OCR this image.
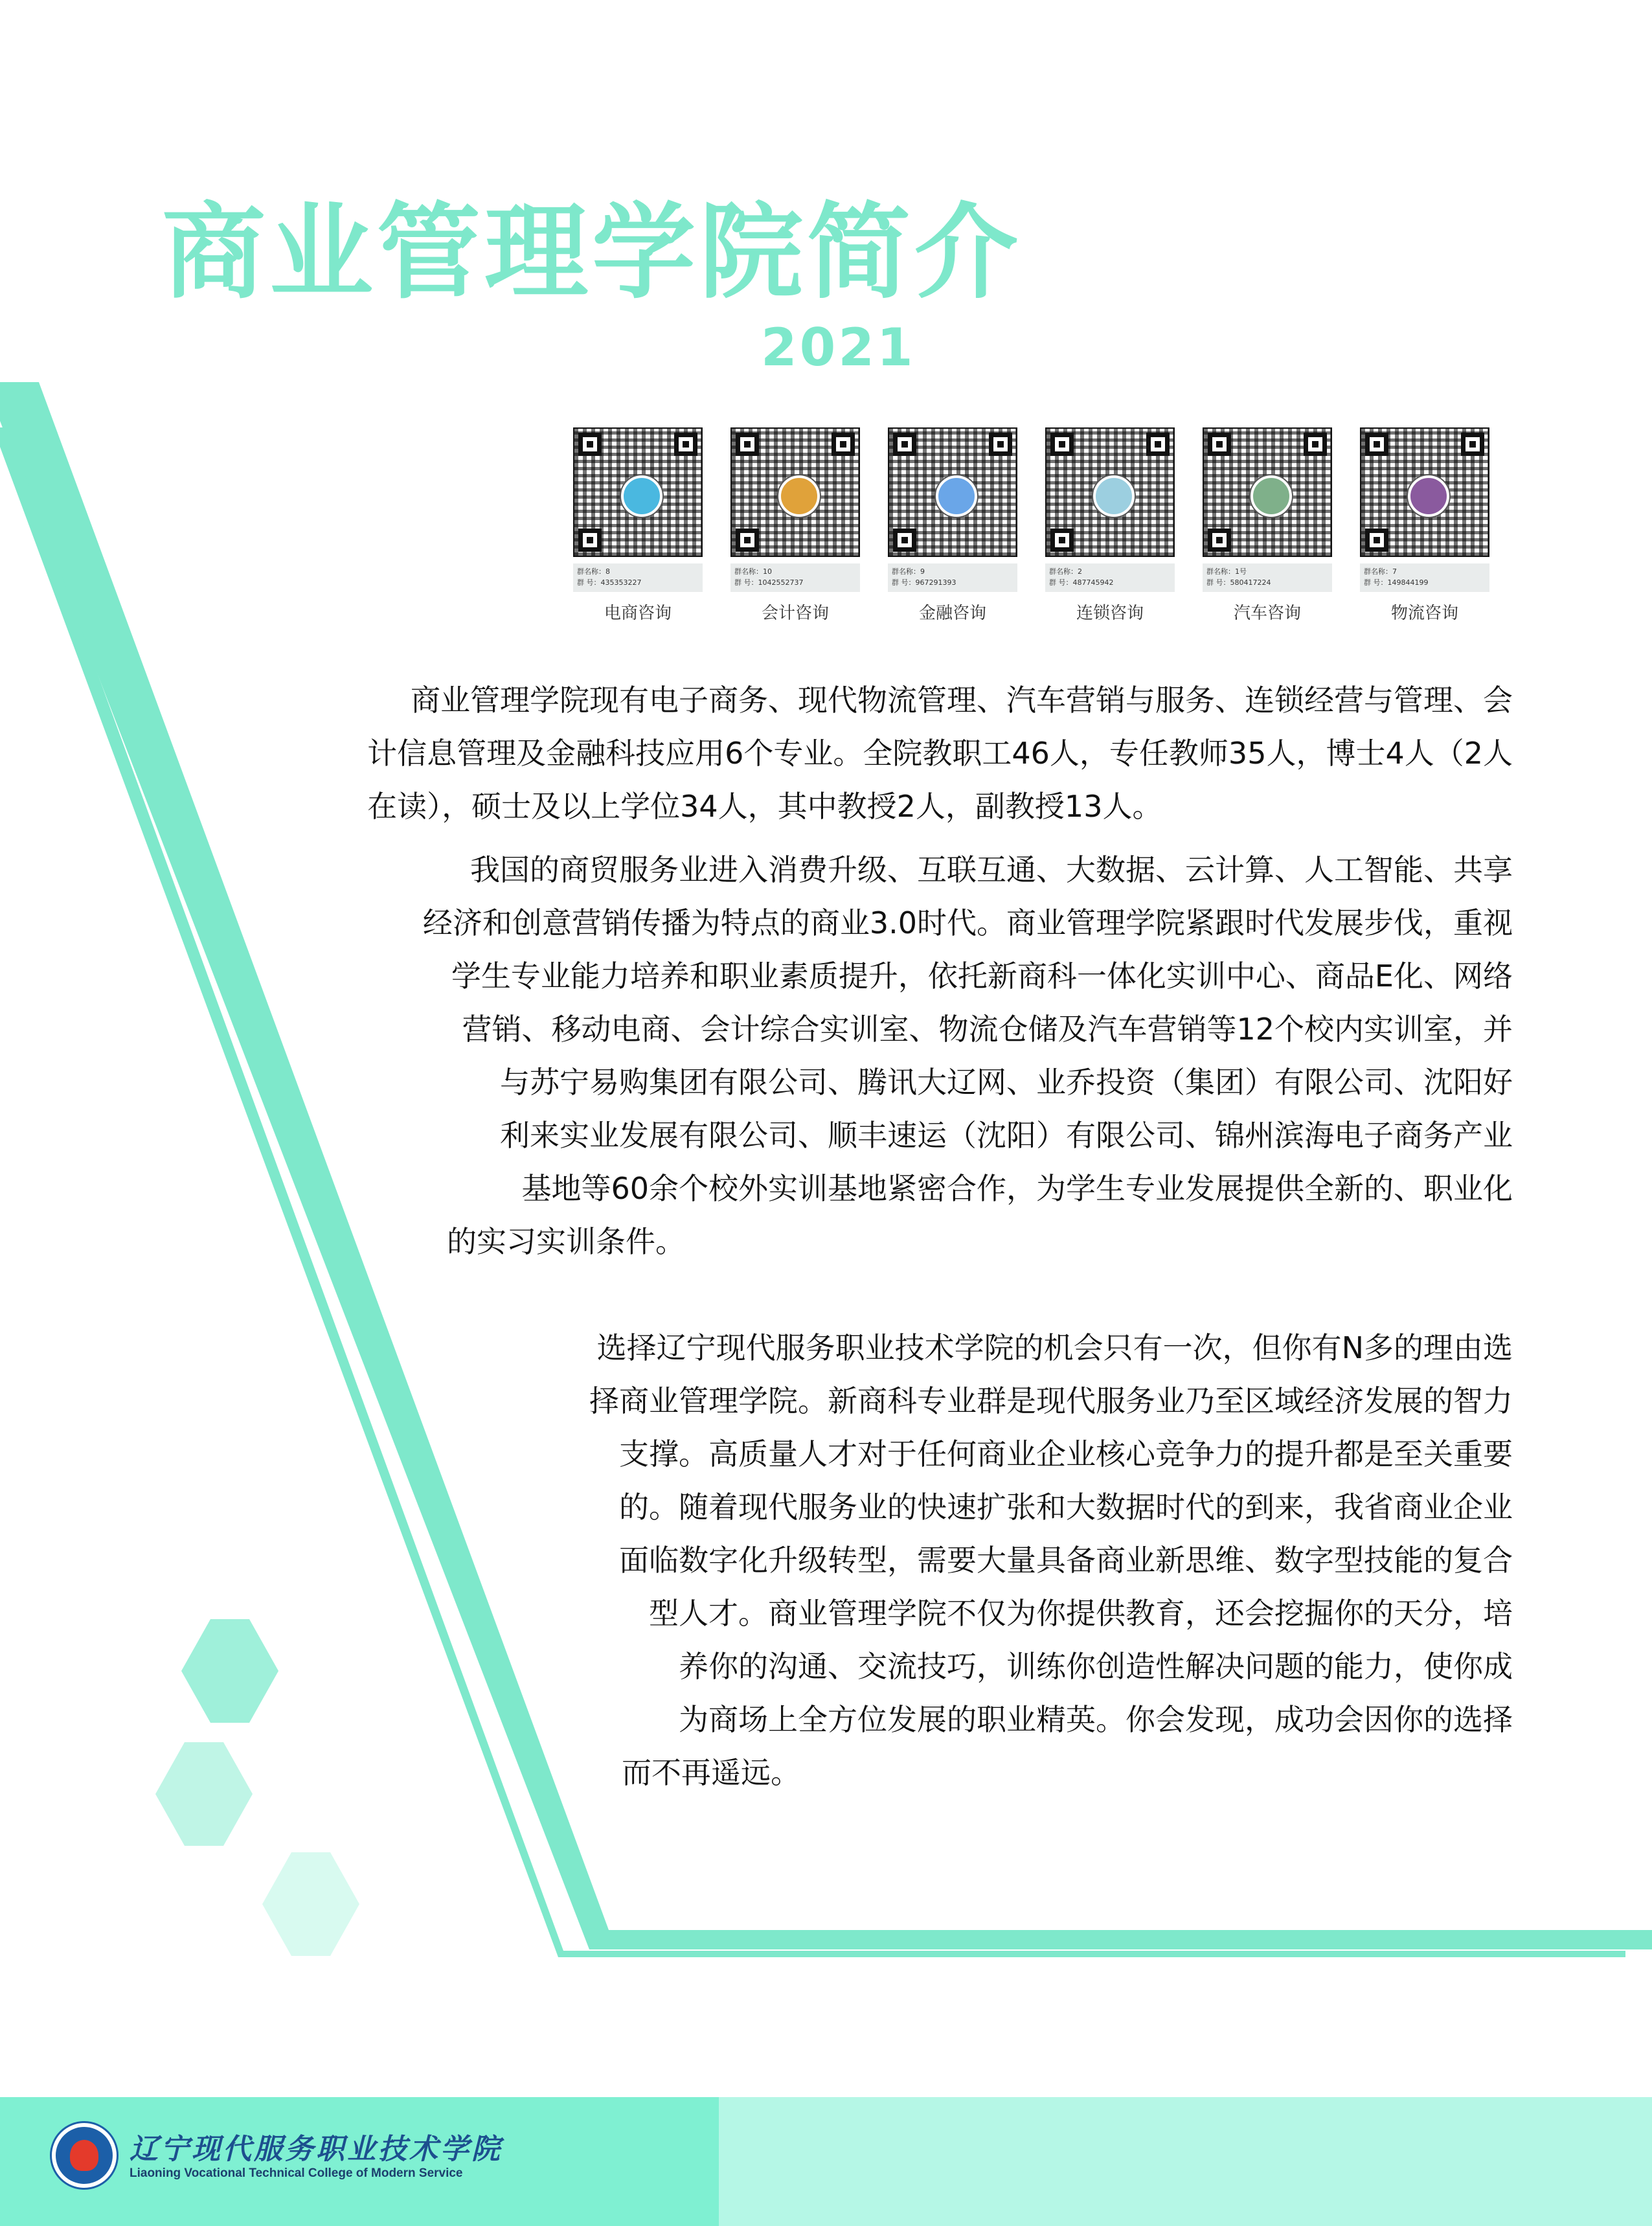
商业管理学院简介
2021
群名称：8
群 号：435353227
电商咨询
群名称：10
群 号：1042552737
会计咨询
群名称：9
群 号：967291393
金融咨询
群名称：2
群 号：487745942
连锁咨询
群名称：1号
群 号：580417224
汽车咨询
群名称：7
群 号：149844199
物流咨询
商业管理学院现有电子商务、现代物流管理、汽车营销与服务、连锁经营与管理、会
计信息管理及金融科技应用6个专业。全院教职工46人，专任教师35人，博士4人（2人
在读），硕士及以上学位34人，其中教授2人，副教授13人。
我国的商贸服务业进入消费升级、互联互通、大数据、云计算、人工智能、共享
经济和创意营销传播为特点的商业3.0时代。商业管理学院紧跟时代发展步伐，重视
学生专业能力培养和职业素质提升，依托新商科一体化实训中心、商品E化、网络
营销、移动电商、会计综合实训室、物流仓储及汽车营销等12个校内实训室，并
与苏宁易购集团有限公司、腾讯大辽网、业乔投资（集团）有限公司、沈阳好
利来实业发展有限公司、顺丰速运（沈阳）有限公司、锦州滨海电子商务产业
基地等60余个校外实训基地紧密合作，为学生专业发展提供全新的、职业化
的实习实训条件。
选择辽宁现代服务职业技术学院的机会只有一次，但你有N多的理由选
择商业管理学院。新商科专业群是现代服务业乃至区域经济发展的智力
支撑。高质量人才对于任何商业企业核心竞争力的提升都是至关重要
的。随着现代服务业的快速扩张和大数据时代的到来，我省商业企业
面临数字化升级转型，需要大量具备商业新思维、数字型技能的复合
型人才。商业管理学院不仅为你提供教育，还会挖掘你的天分，培
养你的沟通、交流技巧，训练你创造性解决问题的能力，使你成
为商场上全方位发展的职业精英。你会发现，成功会因你的选择
而不再遥远。
辽宁现代服务职业技术学院
Liaoning Vocational Technical College of Modern Service
